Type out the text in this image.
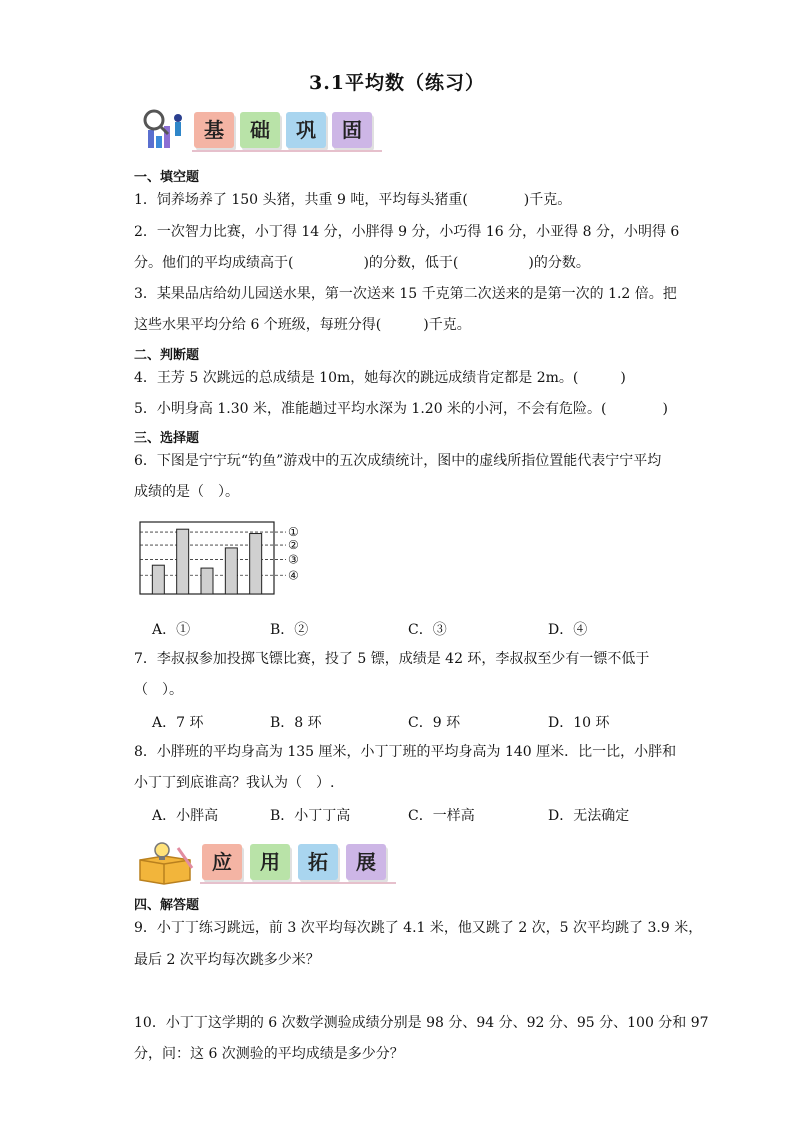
3.1平均数（练习）
基	础	巩	固
一、填空题
1．饲养场养了 150 头猪，共重 9 吨，平均每头猪重(　　　　)千克。
2．一次智力比赛，小丁得 14 分，小胖得 9 分，小巧得 16 分，小亚得 8 分，小明得 6
分。他们的平均成绩高于(　　　　　)的分数，低于(　　　　　)的分数。
3．某果品店给幼儿园送水果，第一次送来 15 千克第二次送来的是第一次的 1.2 倍。把
这些水果平均分给 6 个班级，每班分得(　　　)千克。
二、判断题
4．王芳 5 次跳远的总成绩是 10m，她每次的跳远成绩肯定都是 2m。(　　　)
5．小明身高 1.30 米，准能趟过平均水深为 1.20 米的小河，不会有危险。(　　　　)
三、选择题
6．下图是宁宁玩“钓鱼”游戏中的五次成绩统计，图中的虚线所指位置能代表宁宁平均
成绩的是（　）。
①
②
③
④
A．①	B．②	C．③	D．④
7．李叔叔参加投掷飞镖比赛，投了 5 镖，成绩是 42 环，李叔叔至少有一镖不低于
（　）。
A．7 环	B．8 环	C．9 环	D．10 环
8．小胖班的平均身高为 135 厘米，小丁丁班的平均身高为 140 厘米．比一比，小胖和
小丁丁到底谁高？我认为（　）.
A．小胖高	B．小丁丁高	C．一样高	D．无法确定
应	用	拓	展
四、解答题
9．小丁丁练习跳远，前 3 次平均每次跳了 4.1 米，他又跳了 2 次，5 次平均跳了 3.9 米，
最后 2 次平均每次跳多少米？
10．小丁丁这学期的 6 次数学测验成绩分别是 98 分、94 分、92 分、95 分、100 分和 97
分，问：这 6 次测验的平均成绩是多少分？
